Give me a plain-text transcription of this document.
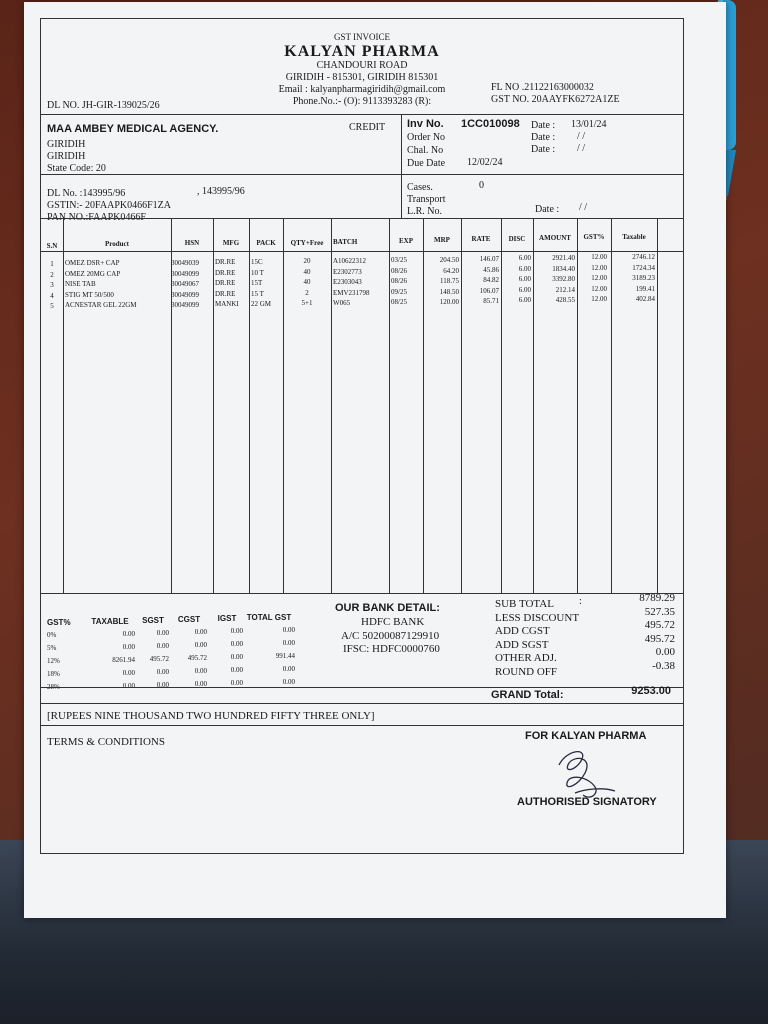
GST INVOICE
KALYAN PHARMA
CHANDOURI ROAD
GIRIDIH - 815301, GIRIDIH 815301
Email : kalyanpharmagiridih@gmail.com
Phone.No.:- (O): 9113393283 (R):
DL NO. JH-GIR-139025/26
FL NO .21122163000032
GST NO. 20AAYFK6272A1ZE
MAA AMBEY MEDICAL AGENCY.	CREDIT
GIRIDIH
GIRIDIH
State Code: 20
Inv No. 1CC010098
Order No
Chal. No
Due Date 12/02/24
Date : 13/01/24
Date : / /
Date : / /
DL No. :143995/96	, 143995/96
GSTIN:- 20FAAPK0466F1ZA
PAN NO.:FAAPK0466F
Cases.	0
Transport
L.R. No.	Date : / /
S.N	Product	HSN	MFG	PACK	QTY+Free	BATCH	EXP	MRP	RATE	DISC	AMOUNT	GST%	Taxable
1	OMEZ DSR+ CAP	30049039	DR.RE	15C	20	A10622312	03/25	204.50	146.07	6.00	2921.40	12.00	2746.12
2	OMEZ 20MG CAP	30049099	DR.RE	10 T	40	E2302773	08/26	64.20	45.86	6.00	1834.40	12.00	1724.34
3	NISE TAB	30049067	DR.RE	15T	40	E2303043	08/26	118.75	84.82	6.00	3392.80	12.00	3189.23
4	STIG MT 50/500	30049099	DR.RE	15 T	2	EMV231798	09/25	148.50	106.07	6.00	212.14	12.00	199.41
5	ACNESTAR GEL 22GM	30049099	MANKI	22 GM	5+1	W065	08/25	120.00	85.71	6.00	428.55	12.00	402.84
GST%	TAXABLE	SGST	CGST	IGST	TOTAL GST
0%	0.00	0.00	0.00	0.00	0.00
5%	0.00	0.00	0.00	0.00	0.00
12%	8261.94	495.72	495.72	0.00	991.44
18%	0.00	0.00	0.00	0.00	0.00
28%	0.00	0.00	0.00	0.00	0.00
OUR BANK DETAIL:
HDFC BANK
A/C 50200087129910
IFSC: HDFC0000760
:
SUB TOTAL	8789.29
LESS DISCOUNT	527.35
ADD CGST	495.72
ADD SGST	495.72
OTHER ADJ.	0.00
ROUND OFF	-0.38
GRAND Total:	9253.00
[RUPEES NINE THOUSAND TWO HUNDRED FIFTY THREE ONLY]
TERMS & CONDITIONS	FOR KALYAN PHARMA
AUTHORISED SIGNATORY
